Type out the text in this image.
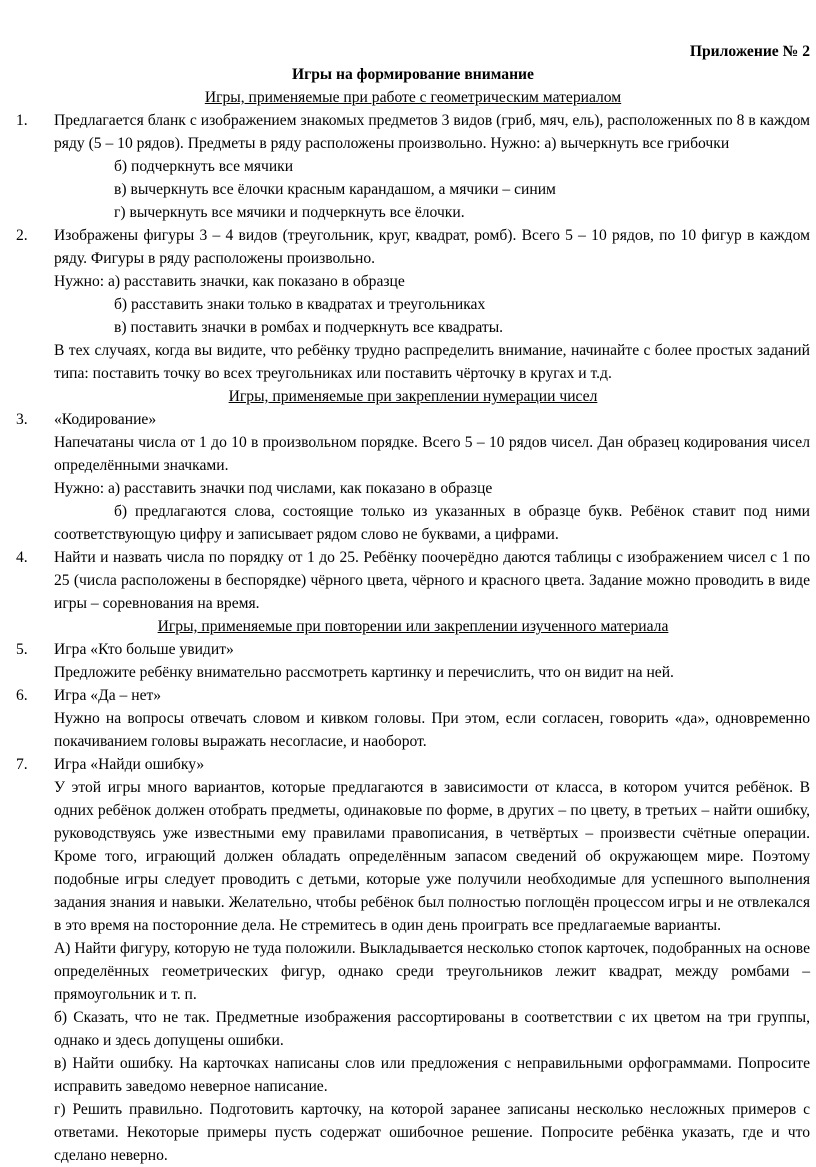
Приложение № 2

Игры на формирование внимание

Игры, применяемые при работе с геометрическим материалом

1.	Предлагается бланк с изображением знакомых предметов 3 видов (гриб, мяч, ель), расположенных по 8 в каждом ряду (5 – 10 рядов). Предметы в ряду расположены произвольно. Нужно: а) вычеркнуть все грибочки

б) подчеркнуть все мячики

в) вычеркнуть все ёлочки красным карандашом, а мячики – синим

г) вычеркнуть все мячики и подчеркнуть все ёлочки.

2.	Изображены фигуры 3 – 4 видов (треугольник, круг, квадрат, ромб). Всего 5 – 10 рядов, по 10 фигур в каждом ряду. Фигуры в ряду расположены произвольно.

Нужно: а) расставить значки, как показано в образце

б) расставить знаки только в квадратах и треугольниках

в) поставить значки в ромбах и подчеркнуть все квадраты.

В тех случаях, когда вы видите, что ребёнку трудно распределить внимание, начинайте с более простых заданий типа: поставить точку во всех треугольниках или поставить чёрточку в кругах и т.д.

Игры, применяемые при закреплении нумерации чисел

3.	«Кодирование»

Напечатаны числа от 1 до 10 в произвольном порядке. Всего 5 – 10 рядов чисел. Дан образец кодирования чисел определёнными значками.

Нужно: а) расставить значки под числами, как показано в образце

б) предлагаются слова, состоящие только из указанных в образце букв. Ребёнок ставит под ними соответствующую цифру и записывает рядом слово не буквами, а цифрами.

4.	Найти и назвать числа по порядку от 1 до 25. Ребёнку поочерёдно даются таблицы с изображением чисел с 1 по 25 (числа расположены в беспорядке) чёрного цвета, чёрного и красного цвета. Задание можно проводить в виде игры – соревнования на время.

Игры, применяемые при повторении или закреплении изученного материала

5.	Игра «Кто больше увидит»

Предложите ребёнку внимательно рассмотреть картинку и перечислить, что он видит на ней.

6.	Игра «Да – нет»

Нужно на вопросы отвечать словом и кивком головы. При этом, если согласен, говорить «да», одновременно покачиванием головы выражать несогласие, и наоборот.

7.	Игра «Найди ошибку»

У этой игры много вариантов, которые предлагаются в зависимости от класса, в котором учится ребёнок. В одних ребёнок должен отобрать предметы, одинаковые по форме, в других – по цвету, в третьих – найти ошибку, руководствуясь уже известными ему правилами правописания, в четвёртых – произвести счётные операции. Кроме того, играющий должен обладать определённым запасом сведений об окружающем мире. Поэтому подобные игры следует проводить с детьми, которые уже получили необходимые для успешного выполнения задания знания и навыки. Желательно, чтобы ребёнок был полностью поглощён процессом игры и не отвлекался в это время на посторонние дела. Не стремитесь в один день проиграть все предлагаемые варианты.

А) Найти фигуру, которую не туда положили. Выкладывается несколько стопок карточек, подобранных на основе определённых геометрических фигур, однако среди треугольников лежит квадрат, между ромбами – прямоугольник и т. п.

б) Сказать, что не так. Предметные изображения рассортированы в соответствии с их цветом на три группы, однако и здесь допущены ошибки.

в) Найти ошибку. На карточках написаны слов или предложения с неправильными орфограммами. Попросите исправить заведомо неверное написание.

г) Решить правильно. Подготовить карточку, на которой заранее записаны несколько несложных примеров с ответами. Некоторые примеры пусть содержат ошибочное решение. Попросите ребёнка указать, где и что сделано неверно.
